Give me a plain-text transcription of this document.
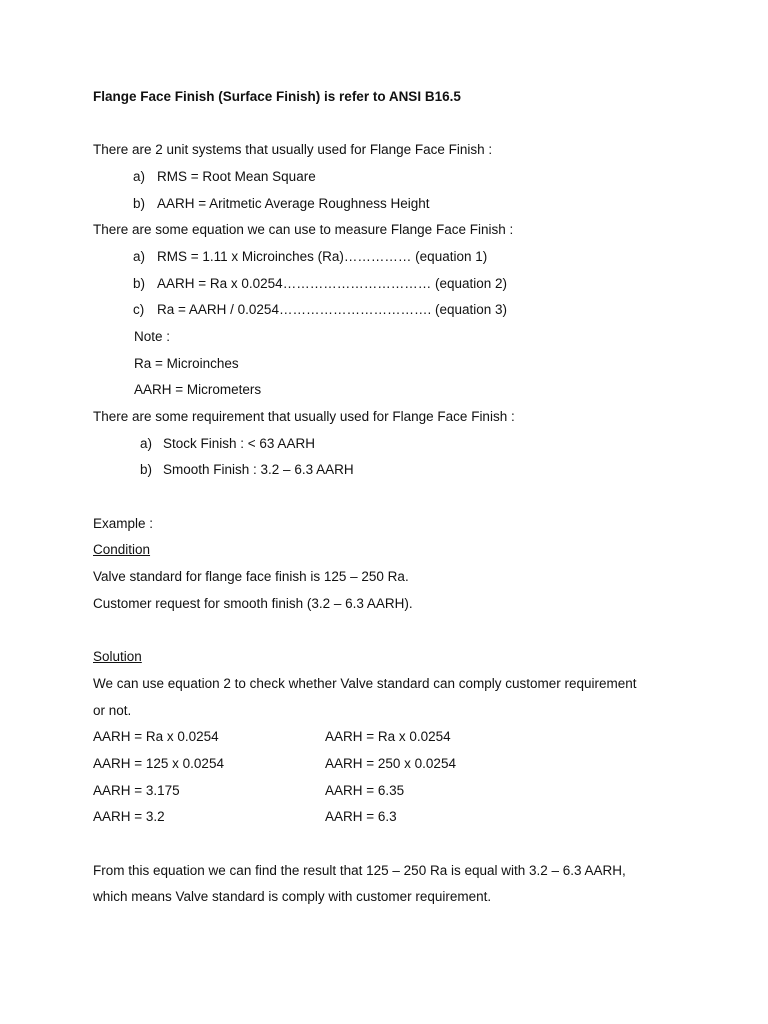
Flange Face Finish (Surface Finish) is refer to ANSI B16.5
There are 2 unit systems that usually used for Flange Face Finish :
a) RMS = Root Mean Square
b) AARH = Aritmetic Average Roughness Height
There are some equation we can use to measure Flange Face Finish :
a) RMS = 1.11 x Microinches (Ra)…………… (equation 1)
b) AARH = Ra x 0.0254…………………………… (equation 2)
c) Ra = AARH / 0.0254……………………………. (equation 3)
Note :
Ra = Microinches
AARH = Micrometers
There are some requirement that usually used for Flange Face Finish :
a) Stock Finish : < 63 AARH
b) Smooth Finish : 3.2 – 6.3 AARH
Example :
Condition
Valve standard for flange face finish is 125 – 250 Ra.
Customer request for smooth finish (3.2 – 6.3 AARH).
Solution
We can use equation 2 to check whether Valve standard can comply customer requirement
or not.
AARH = Ra x 0.0254	AARH = Ra x 0.0254
AARH = 125 x 0.0254	AARH = 250 x 0.0254
AARH = 3.175	AARH = 6.35
AARH = 3.2	AARH = 6.3
From this equation we can find the result that 125 – 250 Ra is equal with 3.2 – 6.3 AARH,
which means Valve standard is comply with customer requirement.
